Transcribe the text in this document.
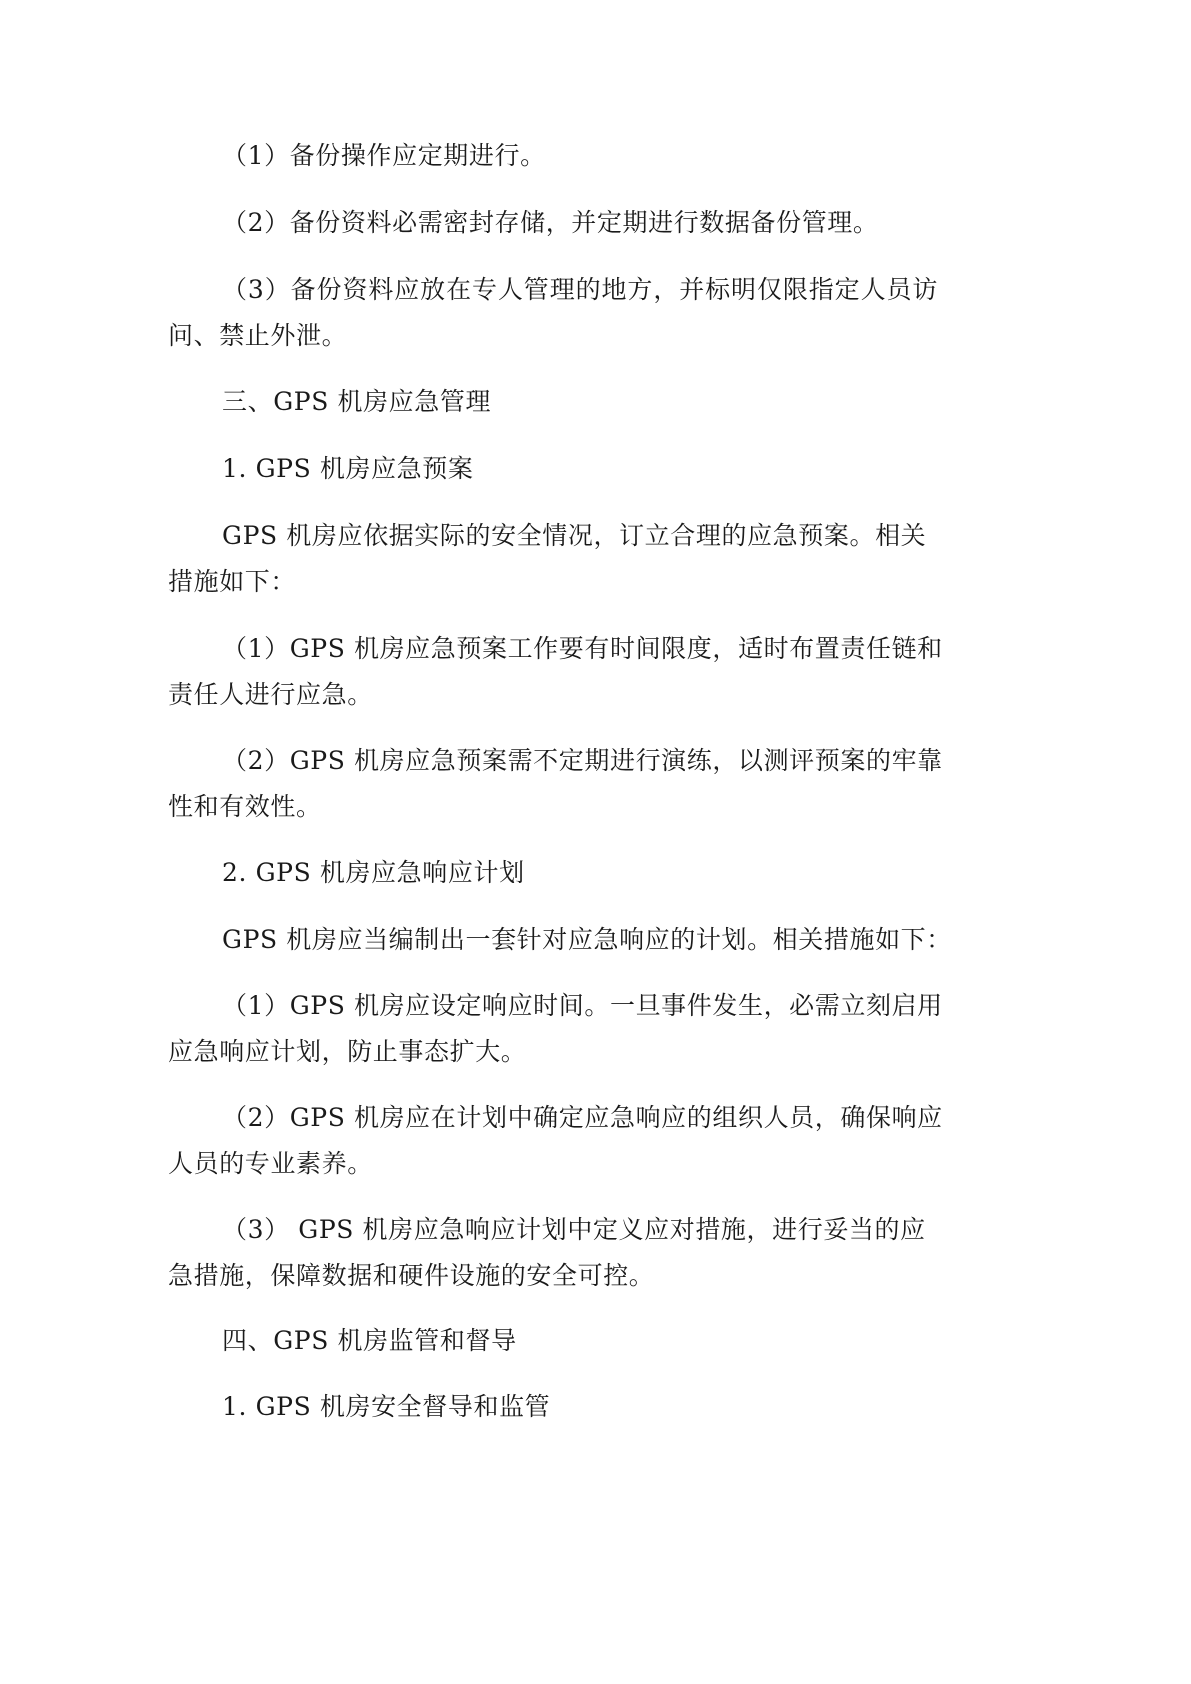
（1）备份操作应定期进行。

（2）备份资料必需密封存储，并定期进行数据备份管理。

（3）备份资料应放在专人管理的地方，并标明仅限指定人员访

问、禁止外泄。

三、GPS 机房应急管理

1. GPS 机房应急预案

GPS 机房应依据实际的安全情况，订立合理的应急预案。相关

措施如下：

（1）GPS 机房应急预案工作要有时间限度，适时布置责任链和

责任人进行应急。

（2）GPS 机房应急预案需不定期进行演练，以测评预案的牢靠

性和有效性。

2. GPS 机房应急响应计划

GPS 机房应当编制出一套针对应急响应的计划。相关措施如下：

（1）GPS 机房应设定响应时间。一旦事件发生，必需立刻启用

应急响应计划，防止事态扩大。

（2）GPS 机房应在计划中确定应急响应的组织人员，确保响应

人员的专业素养。

（3） GPS 机房应急响应计划中定义应对措施，进行妥当的应

急措施，保障数据和硬件设施的安全可控。

四、GPS 机房监管和督导

1. GPS 机房安全督导和监管
